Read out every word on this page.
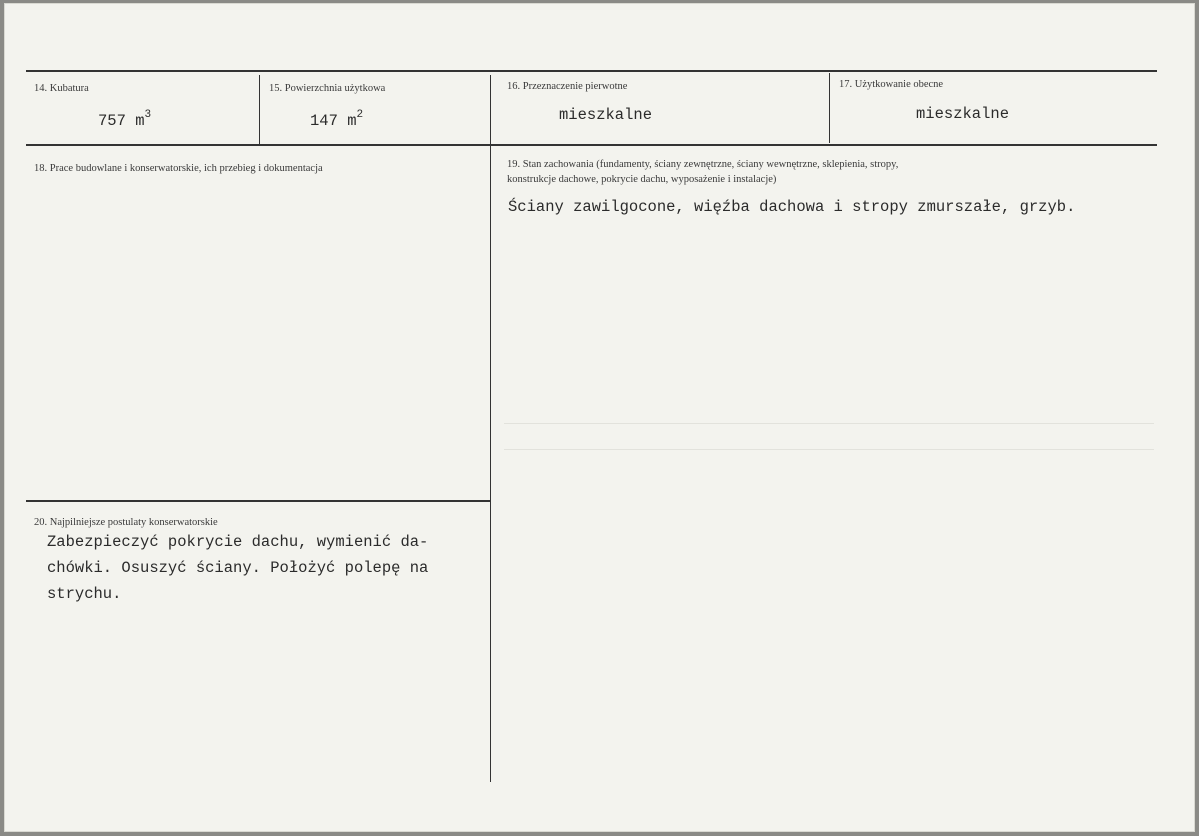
14. Kubatura
757 $m^3$
15. Powierzchnia użytkowa
147 $m^2$
16. Przeznaczenie pierwotne
mieszkalne
17. Użytkowanie obecne
mieszkalne
18. Prace budowlane i konserwatorskie, ich przebieg i dokumentacja	19. Stan zachowania (fundamenty, ściany zewnętrzne, ściany wewnętrzne, sklepienia, stropy,
konstrukcje dachowe, pokrycie dachu, wyposażenie i instalacje)
Ściany zawilgocone, więźba dachowa i stropy zmurszałe, grzyb.
20. Najpilniejsze postulaty konserwatorskie
Zabezpieczyć pokrycie dachu, wymienić da-
chówki. Osuszyć ściany. Położyć polepę na
strychu.
